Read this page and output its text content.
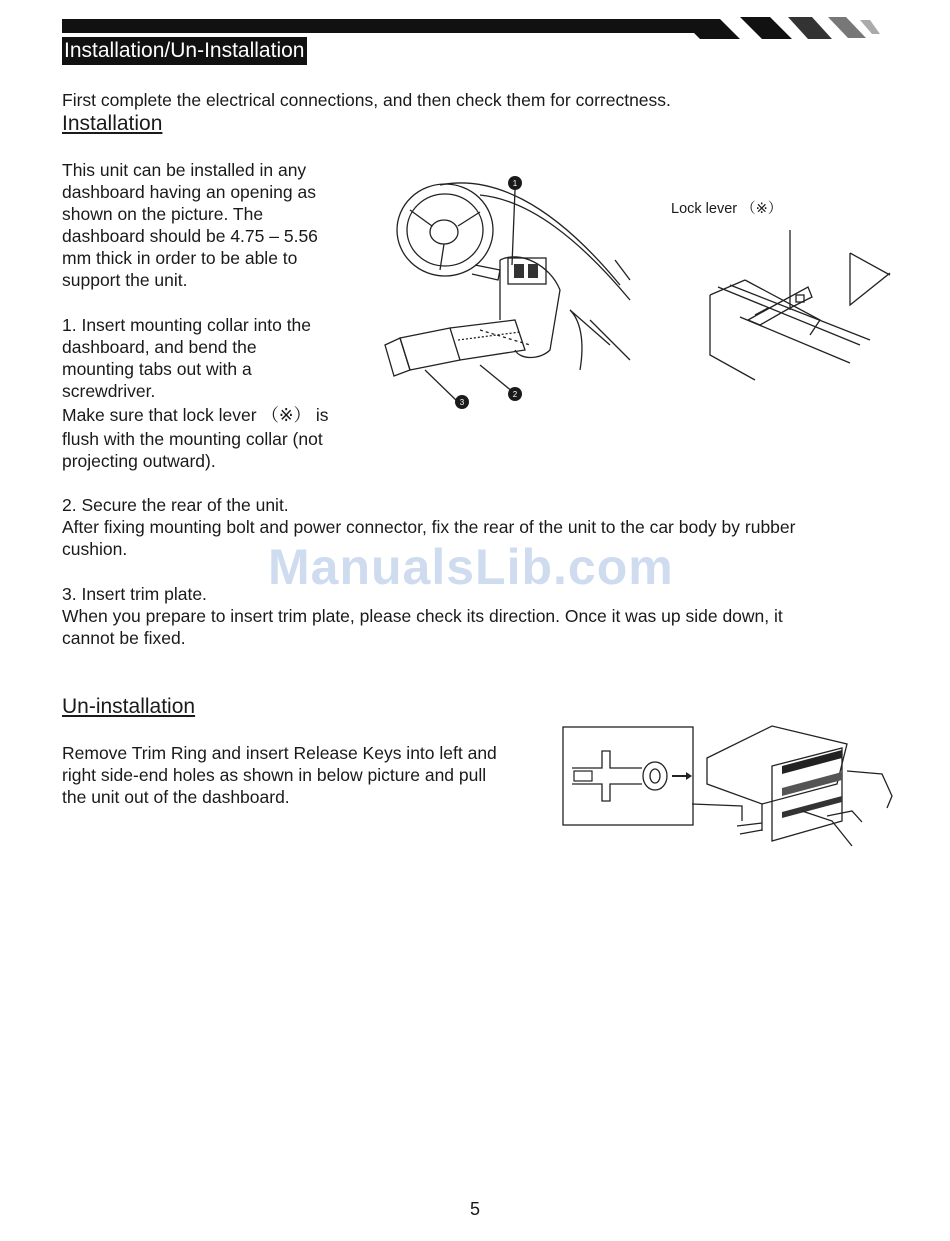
Installation/Un-Installation
First complete the electrical connections, and then check them for correctness.
Installation
This unit can be installed in any
dashboard having an opening as
shown on the picture. The
dashboard should be 4.75 – 5.56
mm thick in order to be able to
support the unit.
1. Insert mounting collar into the
dashboard, and bend the
mounting tabs out with a
screwdriver.
Make sure that lock lever （※） is
flush with the mounting collar (not
projecting outward).
2. Secure the rear of the unit.
After fixing mounting bolt and power connector, fix the rear of the unit to the car body by rubber
cushion.	ManualsLib.com
3. Insert trim plate.
When you prepare to insert trim plate, please check its direction. Once it was up side down, it
cannot be fixed.
1
2
3
Lock lever （※）
Un-installation
Remove Trim Ring and insert Release Keys into left and
right side-end holes as shown in below picture and pull
the unit out of the dashboard.
5
